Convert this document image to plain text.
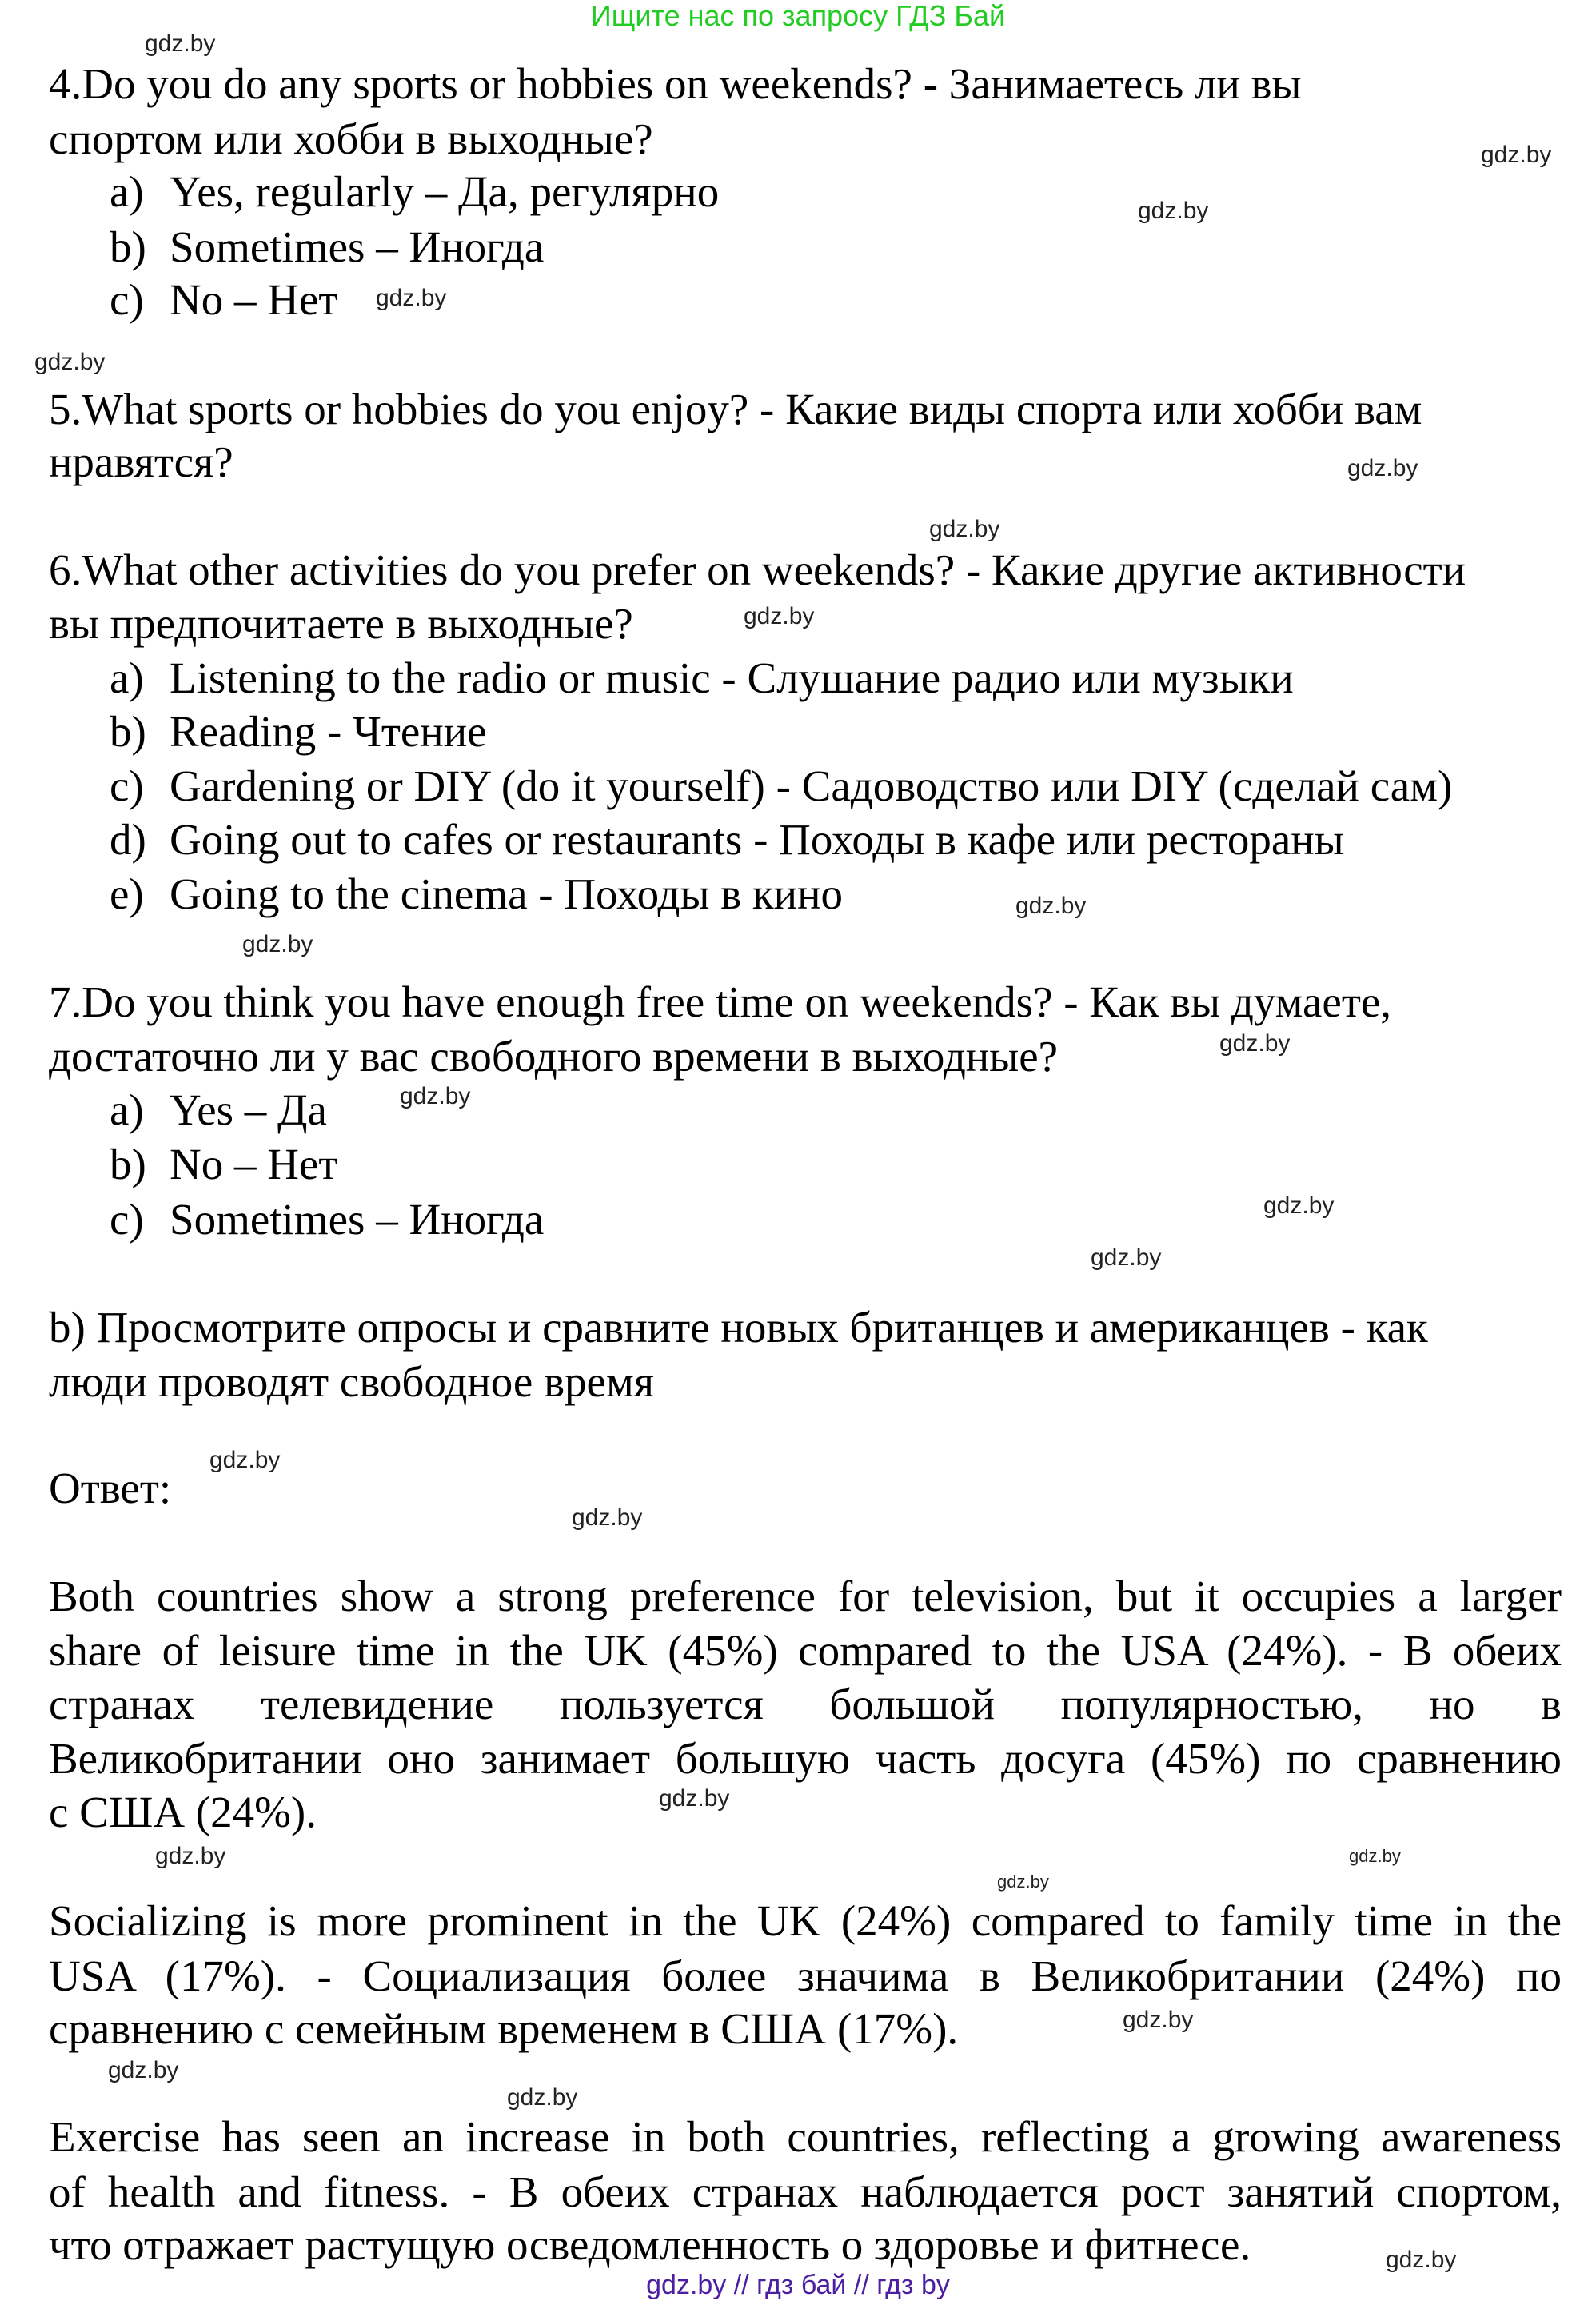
Ищите нас по запросу ГДЗ Бай
4.Do you do any sports or hobbies on weekends? - Занимаетесь ли вы
спортом или хобби в выходные?
a) Yes, regularly – Да, регулярно
b) Sometimes – Иногда
c) No – Нет
5.What sports or hobbies do you enjoy? - Какие виды спорта или хобби вам
нравятся?
6.What other activities do you prefer on weekends? - Какие другие активности
вы предпочитаете в выходные?
a) Listening to the radio or music - Слушание радио или музыки
b) Reading - Чтение
c) Gardening or DIY (do it yourself) - Садоводство или DIY (сделай сам)
d) Going out to cafes or restaurants - Походы в кафе или рестораны
e) Going to the cinema - Походы в кино
7.Do you think you have enough free time on weekends? - Как вы думаете,
достаточно ли у вас свободного времени в выходные?
a) Yes – Да
b) No – Нет
c) Sometimes – Иногда
b) Просмотрите опросы и сравните новых британцев и американцев - как
люди проводят свободное время
Ответ:
Both countries show a strong preference for television, but it occupies a larger
share of leisure time in the UK (45%) compared to the USA (24%). - В обеих
странах телевидение пользуется большой популярностью, но в
Великобритании оно занимает большую часть досуга (45%) по сравнению
с США (24%).
Socializing is more prominent in the UK (24%) compared to family time in the
USA (17%). - Социализация более значима в Великобритании (24%) по
сравнению с семейным временем в США (17%).
Exercise has seen an increase in both countries, reflecting a growing awareness
of health and fitness. - В обеих странах наблюдается рост занятий спортом,
что отражает растущую осведомленность о здоровье и фитнесе.
gdz.by
gdz.by
gdz.by
gdz.by
gdz.by
gdz.by
gdz.by
gdz.by
gdz.by
gdz.by
gdz.by
gdz.by
gdz.by
gdz.by
gdz.by
gdz.by
gdz.by
gdz.by
gdz.by
gdz.by
gdz.by
gdz.by
gdz.by
gdz.by
gdz.by // гдз бай // гдз by
